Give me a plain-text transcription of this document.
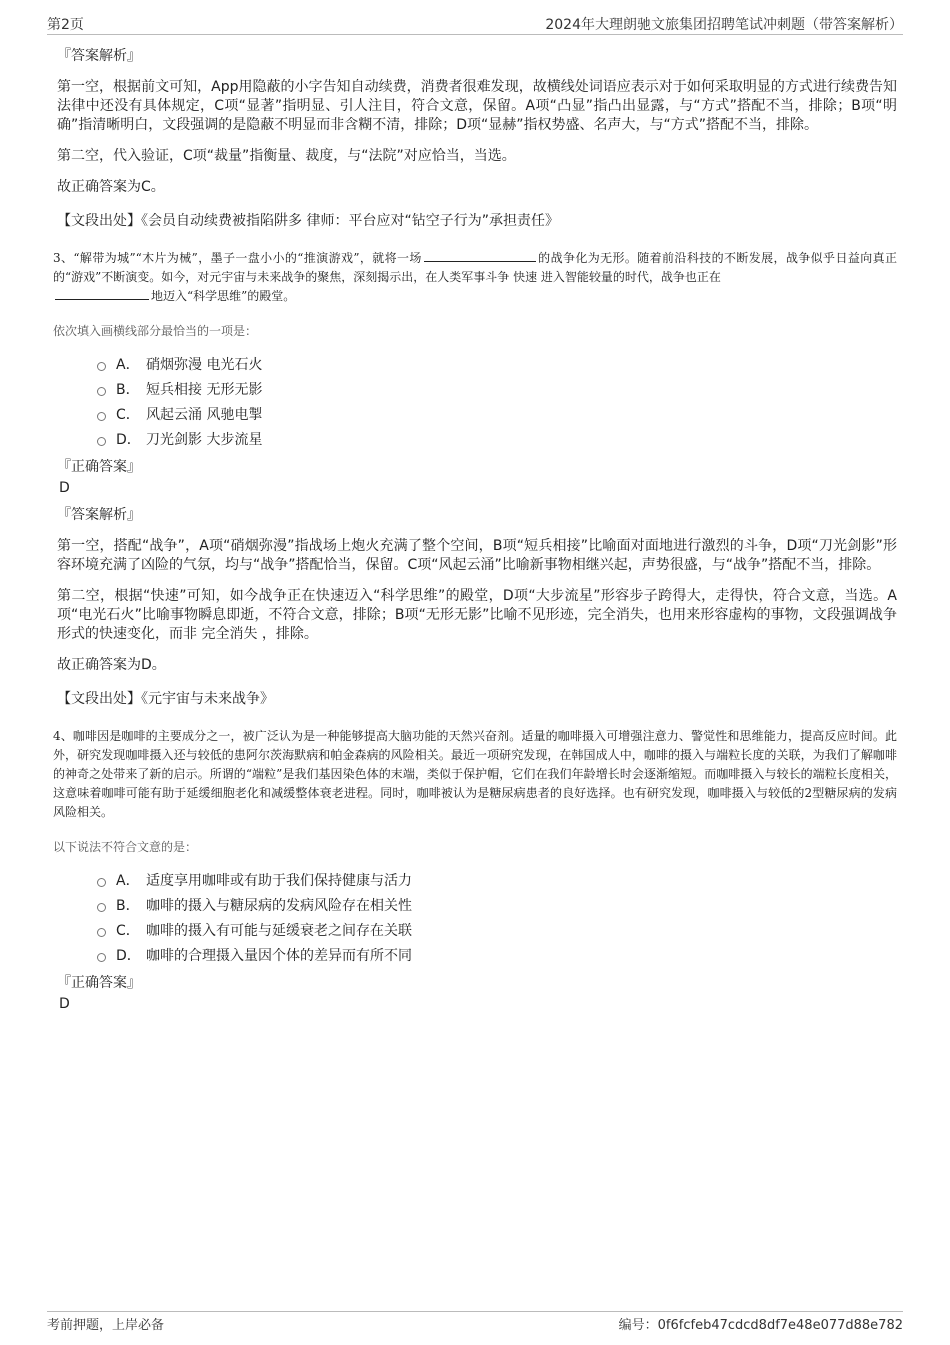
第2页	2024年大理朗驰文旅集团招聘笔试冲刺题（带答案解析）
『答案解析』

第一空，根据前文可知，App用隐蔽的小字告知自动续费，消费者很难发现，故横线处词语应表示对于如何采取明显的方式进行续费告知法律中还没有具体规定，C项“显著”指明显、引人注目，符合文意，保留。A项“凸显”指凸出显露，与“方式”搭配不当，排除；B项“明确”指清晰明白，文段强调的是隐蔽不明显而非含糊不清，排除；D项“显赫”指权势盛、名声大，与“方式”搭配不当，排除。

第二空，代入验证，C项“裁量”指衡量、裁度，与“法院”对应恰当，当选。

故正确答案为C。

【文段出处】《会员自动续费被指陷阱多 律师：平台应对“钻空子行为”承担责任》
3、“解带为城”“木片为械”，墨子一盘小小的“推演游戏”，就将一场	的战争化为无形。随着前沿科技的不断发展，战争似乎日益向真正的“游戏”不断演变。如今，对元宇宙与未来战争的聚焦，深刻揭示出，在人类军事斗争 快速 进入智能较量的时代，战争也正在
地迈入“科学思维”的殿堂。
依次填入画横线部分最恰当的一项是：
A． 硝烟弥漫 电光石火
B． 短兵相接 无形无影
C． 风起云涌 风驰电掣
D． 刀光剑影 大步流星
『正确答案』
D
『答案解析』

第一空，搭配“战争”，A项“硝烟弥漫”指战场上炮火充满了整个空间，B项“短兵相接”比喻面对面地进行激烈的斗争，D项“刀光剑影”形容环境充满了凶险的气氛，均与“战争”搭配恰当，保留。C项“风起云涌”比喻新事物相继兴起，声势很盛，与“战争”搭配不当，排除。

第二空，根据“快速”可知，如今战争正在快速迈入“科学思维”的殿堂，D项“大步流星”形容步子跨得大，走得快，符合文意，当选。A项“电光石火”比喻事物瞬息即逝，不符合文意，排除；B项“无形无影”比喻不见形迹，完全消失，也用来形容虚构的事物，文段强调战争形式的快速变化，而非 完全消失 ，排除。

故正确答案为D。

【文段出处】《元宇宙与未来战争》
4、咖啡因是咖啡的主要成分之一，被广泛认为是一种能够提高大脑功能的天然兴奋剂。适量的咖啡摄入可增强注意力、警觉性和思维能力，提高反应时间。此外，研究发现咖啡摄入还与较低的患阿尔茨海默病和帕金森病的风险相关。最近一项研究发现，在韩国成人中，咖啡的摄入与端粒长度的关联，为我们了解咖啡的神奇之处带来了新的启示。所谓的“端粒”是我们基因染色体的末端，类似于保护帽，它们在我们年龄增长时会逐渐缩短。而咖啡摄入与较长的端粒长度相关，这意味着咖啡可能有助于延缓细胞老化和减缓整体衰老进程。同时，咖啡被认为是糖尿病患者的良好选择。也有研究发现，咖啡摄入与较低的2型糖尿病的发病风险相关。
以下说法不符合文意的是：
A． 适度享用咖啡或有助于我们保持健康与活力
B． 咖啡的摄入与糖尿病的发病风险存在相关性
C． 咖啡的摄入有可能与延缓衰老之间存在关联
D． 咖啡的合理摄入量因个体的差异而有所不同
『正确答案』
D
考前押题，上岸必备	编号：0f6fcfeb47cdcd8df7e48e077d88e782
